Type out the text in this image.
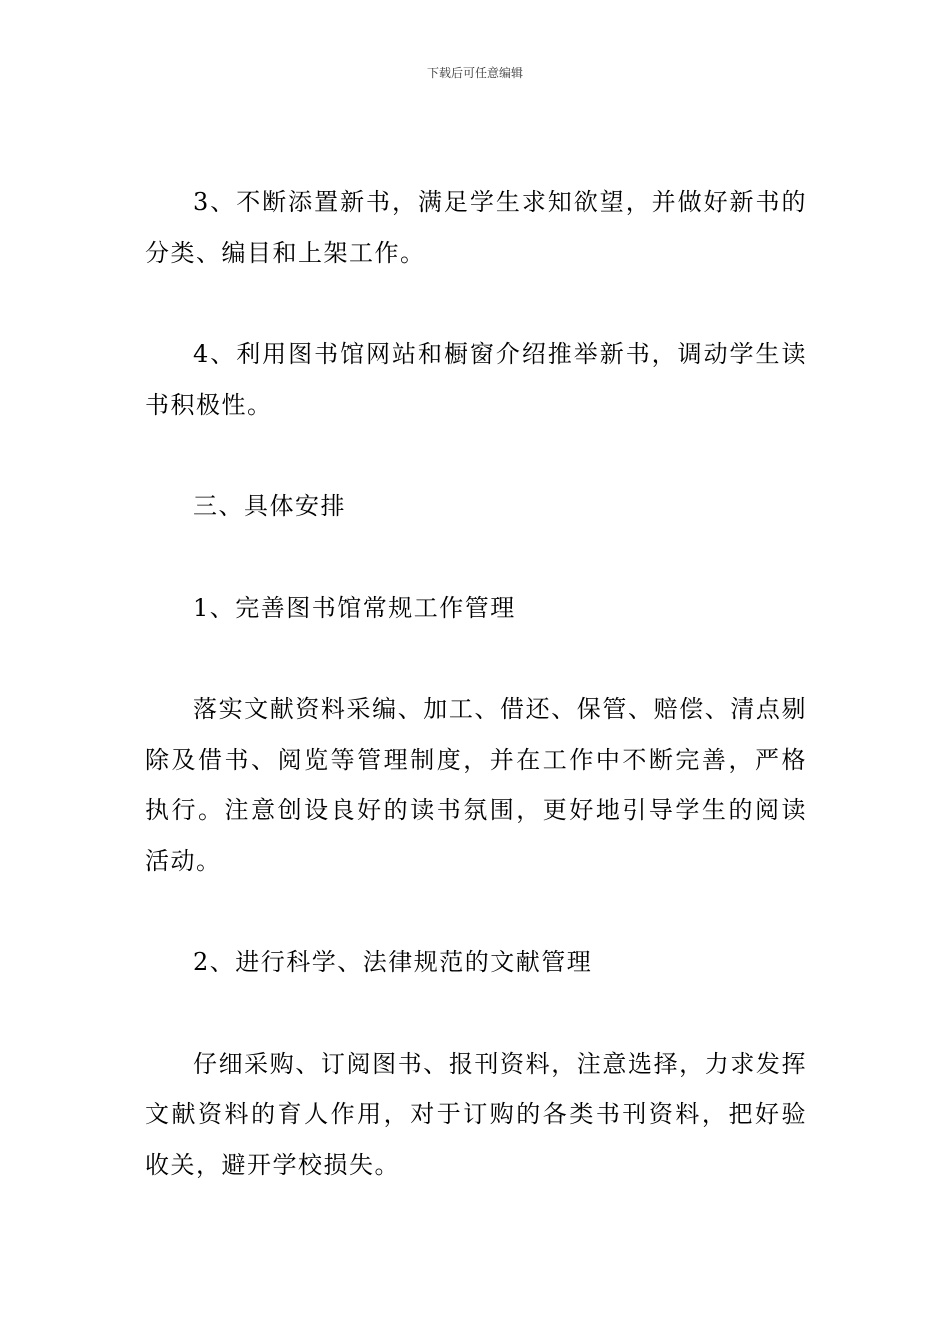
下载后可任意编辑

3、不断添置新书，满足学生求知欲望，并做好新书的分类、编目和上架工作。

4、利用图书馆网站和橱窗介绍推举新书，调动学生读书积极性。

三、具体安排

1、完善图书馆常规工作管理

落实文献资料采编、加工、借还、保管、赔偿、清点剔除及借书、阅览等管理制度，并在工作中不断完善，严格执行。注意创设良好的读书氛围，更好地引导学生的阅读活动。

2、进行科学、法律规范的文献管理

仔细采购、订阅图书、报刊资料，注意选择，力求发挥文献资料的育人作用，对于订购的各类书刊资料，把好验收关，避开学校损失。
